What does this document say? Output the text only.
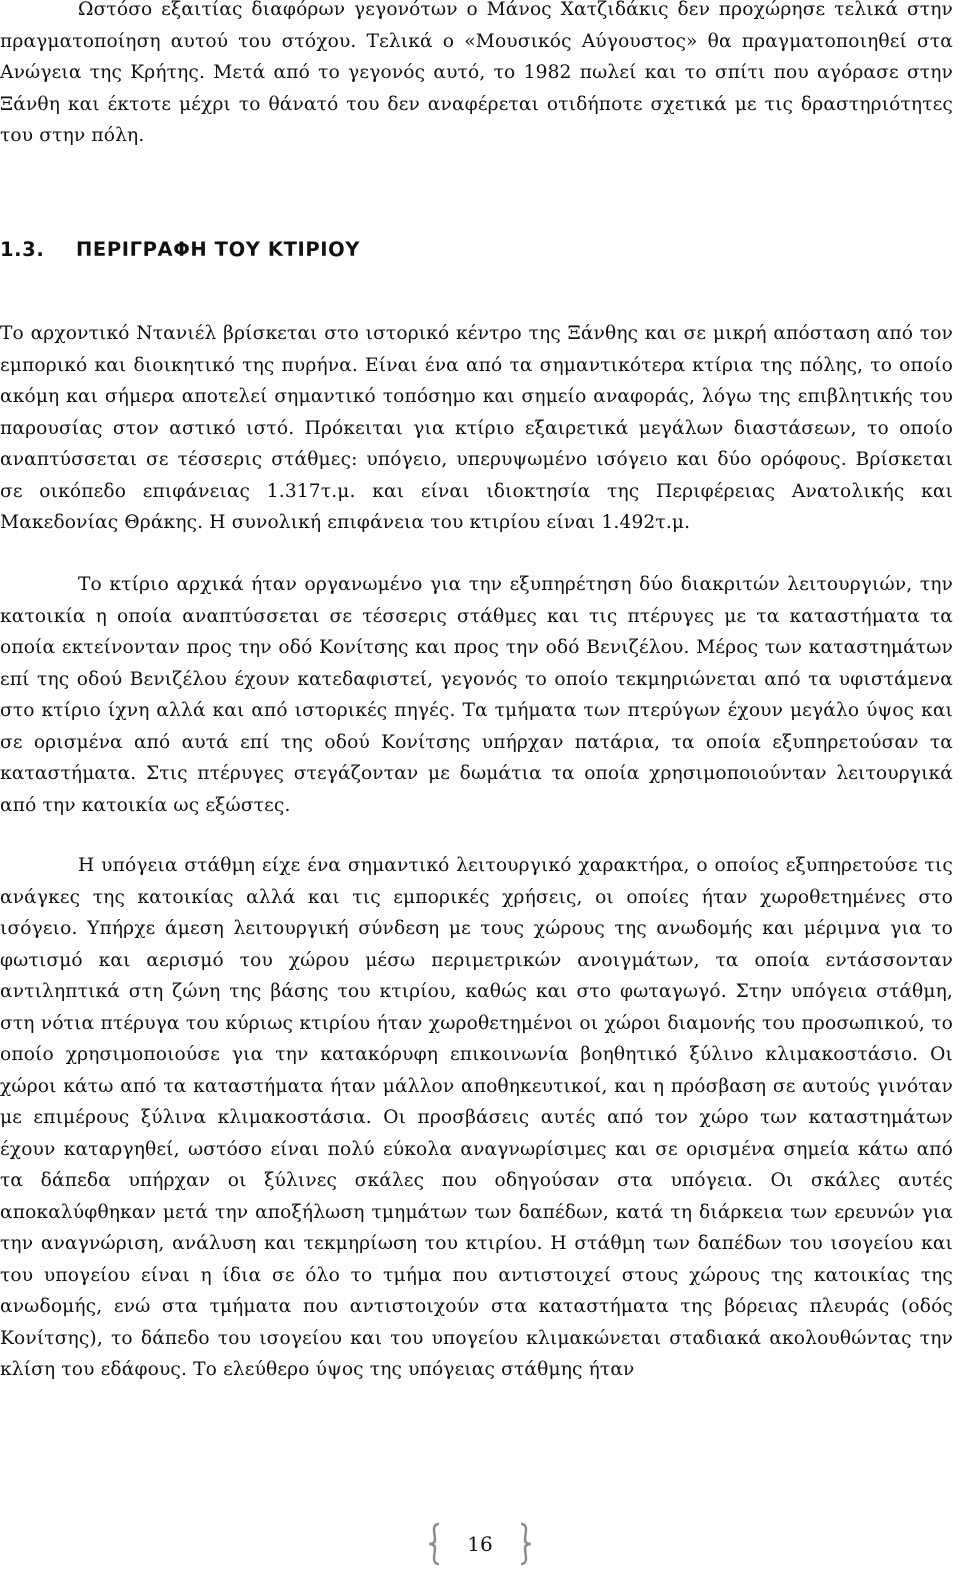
Ωστόσο εξαιτίας διαφόρων γεγονότων ο Μάνος Χατζιδάκις δεν προχώρησε τελικά στην πραγματοποίηση αυτού του στόχου. Τελικά ο «Μουσικός Αύγουστος» θα πραγματοποιηθεί στα Ανώγεια της Κρήτης. Μετά από το γεγονός αυτό, το 1982 πωλεί και το σπίτι που αγόρασε στην Ξάνθη και έκτοτε μέχρι το θάνατό του δεν αναφέρεται οτιδήποτε σχετικά με τις δραστηριότητες του στην πόλη.

1.3. ΠΕΡΙΓΡΑΦΗ ΤΟΥ ΚΤΙΡΙΟΥ

Το αρχοντικό Ντανιέλ βρίσκεται στο ιστορικό κέντρο της Ξάνθης και σε μικρή απόσταση από τον εμπορικό και διοικητικό της πυρήνα. Είναι ένα από τα σημαντικότερα κτίρια της πόλης, το οποίο ακόμη και σήμερα αποτελεί σημαντικό τοπόσημο και σημείο αναφοράς, λόγω της επιβλητικής του παρουσίας στον αστικό ιστό. Πρόκειται για κτίριο εξαιρετικά μεγάλων διαστάσεων, το οποίο αναπτύσσεται σε τέσσερις στάθμες: υπόγειο, υπερυψωμένο ισόγειο και δύο ορόφους. Βρίσκεται σε οικόπεδο επιφάνειας 1.317τ.μ. και είναι ιδιοκτησία της Περιφέρειας Ανατολικής και Μακεδονίας Θράκης. Η συνολική επιφάνεια του κτιρίου είναι 1.492τ.μ.

Το κτίριο αρχικά ήταν οργανωμένο για την εξυπηρέτηση δύο διακριτών λειτουργιών, την κατοικία η οποία αναπτύσσεται σε τέσσερις στάθμες και τις πτέρυγες με τα καταστήματα τα οποία εκτείνονταν προς την οδό Κονίτσης και προς την οδό Βενιζέλου. Μέρος των καταστημάτων επί της οδού Βενιζέλου έχουν κατεδαφιστεί, γεγονός το οποίο τεκμηριώνεται από τα υφιστάμενα στο κτίριο ίχνη αλλά και από ιστορικές πηγές. Τα τμήματα των πτερύγων έχουν μεγάλο ύψος και σε ορισμένα από αυτά επί της οδού Κονίτσης υπήρχαν πατάρια, τα οποία εξυπηρετούσαν τα καταστήματα. Στις πτέρυγες στεγάζονταν με δωμάτια τα οποία χρησιμοποιούνταν λειτουργικά από την κατοικία ως εξώστες.

Η υπόγεια στάθμη είχε ένα σημαντικό λειτουργικό χαρακτήρα, ο οποίος εξυπηρετούσε τις ανάγκες της κατοικίας αλλά και τις εμπορικές χρήσεις, οι οποίες ήταν χωροθετημένες στο ισόγειο. Υπήρχε άμεση λειτουργική σύνδεση με τους χώρους της ανωδομής και μέριμνα για το φωτισμό και αερισμό του χώρου μέσω περιμετρικών ανοιγμάτων, τα οποία εντάσσονταν αντιληπτικά στη ζώνη της βάσης του κτιρίου, καθώς και στο φωταγωγό. Στην υπόγεια στάθμη, στη νότια πτέρυγα του κύριως κτιρίου ήταν χωροθετημένοι οι χώροι διαμονής του προσωπικού, το οποίο χρησιμοποιούσε για την κατακόρυφη επικοινωνία βοηθητικό ξύλινο κλιμακοστάσιο. Οι χώροι κάτω από τα καταστήματα ήταν μάλλον αποθηκευτικοί, και η πρόσβαση σε αυτούς γινόταν με επιμέρους ξύλινα κλιμακοστάσια. Οι προσβάσεις αυτές από τον χώρο των καταστημάτων έχουν καταργηθεί, ωστόσο είναι πολύ εύκολα αναγνωρίσιμες και σε ορισμένα σημεία κάτω από τα δάπεδα υπήρχαν οι ξύλινες σκάλες που οδηγούσαν στα υπόγεια. Οι σκάλες αυτές αποκαλύφθηκαν μετά την αποξήλωση τμημάτων των δαπέδων, κατά τη διάρκεια των ερευνών για την αναγνώριση, ανάλυση και τεκμηρίωση του κτιρίου. Η στάθμη των δαπέδων του ισογείου και του υπογείου είναι η ίδια σε όλο το τμήμα που αντιστοιχεί στους χώρους της κατοικίας της ανωδομής, ενώ στα τμήματα που αντιστοιχούν στα καταστήματα της βόρειας πλευράς (οδός Κονίτσης), το δάπεδο του ισογείου και του υπογείου κλιμακώνεται σταδιακά ακολουθώντας την κλίση του εδάφους. Το ελεύθερο ύψος της υπόγειας στάθμης ήταν

16
